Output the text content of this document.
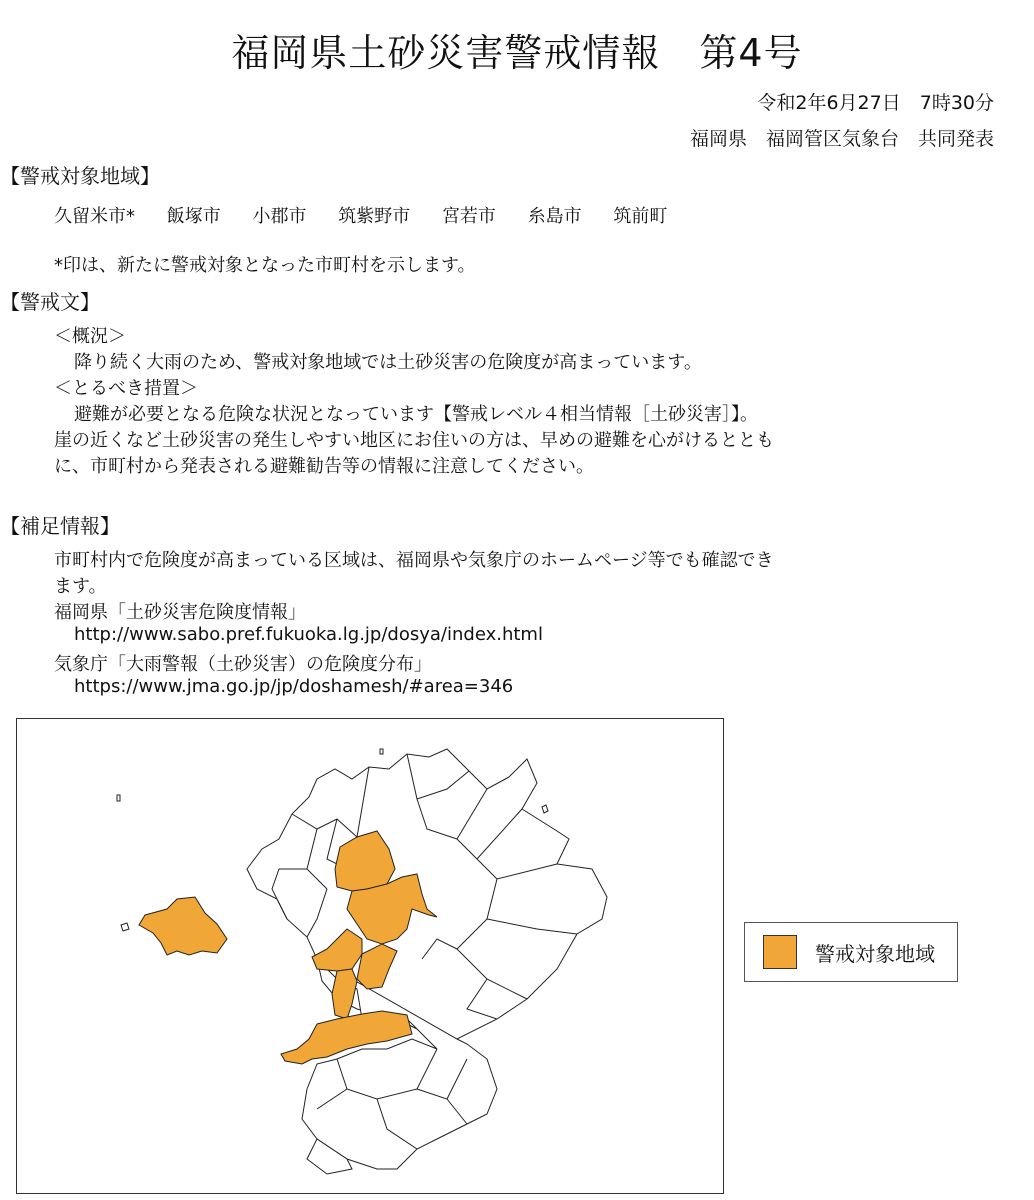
福岡県土砂災害警戒情報　第4号
令和2年6月27日　7時30分
福岡県　福岡管区気象台　共同発表
【警戒対象地域】
久留米市* 飯塚市 小郡市 筑紫野市 宮若市 糸島市 筑前町
*印は、新たに警戒対象となった市町村を示します。
【警戒文】
＜概況＞
降り続く大雨のため、警戒対象地域では土砂災害の危険度が高まっています。
＜とるべき措置＞
避難が必要となる危険な状況となっています【警戒レベル４相当情報［土砂災害］】。
崖の近くなど土砂災害の発生しやすい地区にお住いの方は、早めの避難を心がけるととも
に、市町村から発表される避難勧告等の情報に注意してください。
【補足情報】
市町村内で危険度が高まっている区域は、福岡県や気象庁のホームページ等でも確認でき
ます。
福岡県「土砂災害危険度情報」
http://www.sabo.pref.fukuoka.lg.jp/dosya/index.html
気象庁「大雨警報（土砂災害）の危険度分布」
https://www.jma.go.jp/jp/doshamesh/#area=346
警戒対象地域
